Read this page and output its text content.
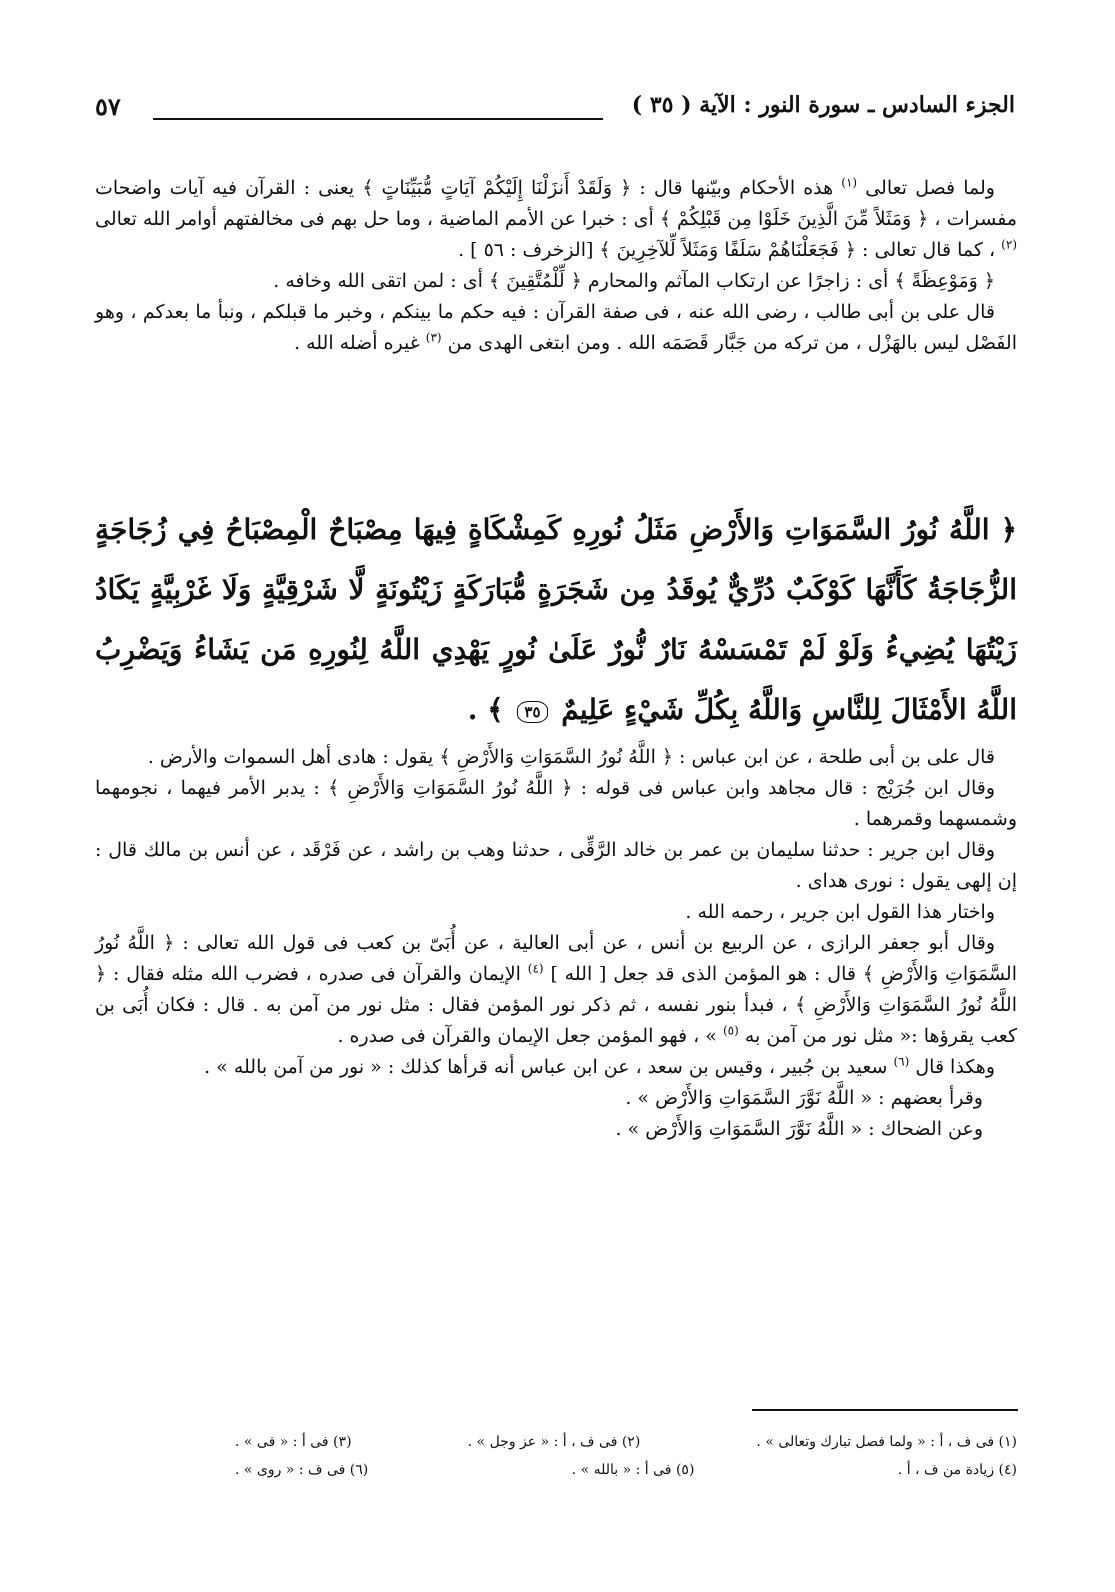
الجزء السادس ـ سورة النور : الآية ( ٣٥ )
٥٧

ولما فصل تعالى $^{(١)}$ هذه الأحكام وبيّنها قال : ﴿ وَلَقَدْ أَنزَلْنَا إِلَيْكُمْ آيَاتٍ مُّبَيِّنَاتٍ ﴾ يعنى : القرآن فيه آيات واضحات مفسرات ، ﴿ وَمَثَلاً مِّنَ الَّذِينَ خَلَوْا مِن قَبْلِكُمْ ﴾ أى : خبرا عن الأمم الماضية ، وما حل بهم فى مخالفتهم أوامر الله تعالى $^{(٢)}$ ، كما قال تعالى : ﴿ فَجَعَلْنَاهُمْ سَلَفًا وَمَثَلاً لِّلآخِرِينَ ﴾ [الزخرف : ٥٦ ] .

﴿ وَمَوْعِظَةً ﴾ أى : زاجرًا عن ارتكاب المآثم والمحارم ﴿ لِّلْمُتَّقِينَ ﴾ أى : لمن اتقى الله وخافه .

قال على بن أبى طالب ، رضى الله عنه ، فى صفة القرآن : فيه حكم ما بينكم ، وخبر ما قبلكم ، ونبأ ما بعدكم ، وهو الفَصْل ليس بالهَزْل ، من تركه من جَبَّار قَصَمَه الله . ومن ابتغى الهدى من $^{(٣)}$ غيره أضله الله .

﴿ اللَّهُ نُورُ السَّمَوَاتِ وَالأَرْضِ مَثَلُ نُورِهِ كَمِشْكَاةٍ فِيهَا مِصْبَاحٌ الْمِصْبَاحُ فِي زُجَاجَةٍ الزُّجَاجَةُ كَأَنَّهَا كَوْكَبٌ دُرِّيٌّ يُوقَدُ مِن شَجَرَةٍ مُّبَارَكَةٍ زَيْتُونَةٍ لَّا شَرْقِيَّةٍ وَلَا غَرْبِيَّةٍ يَكَادُ زَيْتُهَا يُضِيءُ وَلَوْ لَمْ تَمْسَسْهُ نَارٌ نُّورٌ عَلَىٰ نُورٍ يَهْدِي اللَّهُ لِنُورِهِ مَن يَشَاءُ وَيَضْرِبُ اللَّهُ الأَمْثَالَ لِلنَّاسِ وَاللَّهُ بِكُلِّ شَيْءٍ عَلِيمٌ ٣٥ ﴾ .

قال على بن أبى طلحة ، عن ابن عباس : ﴿ اللَّهُ نُورُ السَّمَوَاتِ وَالأَرْضِ ﴾ يقول : هادى أهل السموات والأرض .

وقال ابن جُرَيْج : قال مجاهد وابن عباس فى قوله : ﴿ اللَّهُ نُورُ السَّمَوَاتِ وَالأَرْضِ ﴾ : يدبر الأمر فيهما ، نجومهما وشمسهما وقمرهما .

وقال ابن جرير : حدثنا سليمان بن عمر بن خالد الرَّقِّى ، حدثنا وهب بن راشد ، عن فَرْقَد ، عن أنس بن مالك قال : إن إلهى يقول : نورى هداى .

واختار هذا القول ابن جرير ، رحمه الله .

وقال أبو جعفر الرازى ، عن الربيع بن أنس ، عن أبى العالية ، عن أُبَىّ بن كعب فى قول الله تعالى : ﴿ اللَّهُ نُورُ السَّمَوَاتِ وَالأَرْضِ ﴾ قال : هو المؤمن الذى قد جعل [ الله ] $^{(٤)}$ الإيمان والقرآن فى صدره ، فضرب الله مثله فقال : ﴿ اللَّهُ نُورُ السَّمَوَاتِ وَالأَرْضِ ﴾ ، فبدأ بنور نفسه ، ثم ذكر نور المؤمن فقال : مثل نور من آمن به . قال : فكان أُبَى بن كعب يقرؤها :« مثل نور من آمن به $^{(٥)}$ » ، فهو المؤمن جعل الإيمان والقرآن فى صدره .

وهكذا قال $^{(٦)}$ سعيد بن جُبير ، وقيس بن سعد ، عن ابن عباس أنه قرأها كذلك : « نور من آمن بالله » .

وقرأ بعضهم : « اللَّهُ نَوَّرَ السَّمَوَاتِ وَالأَرْض » .

وعن الضحاك : « اللَّهُ نَوَّرَ السَّمَوَاتِ وَالأَرْض » .

(١) فى ف ، أ : « ولما فصل تبارك وتعالى » .
(٢) فى ف ، أ : « عز وجل » .
(٣) فى أ : « فى » .
(٤) زيادة من ف ، أ .
(٥) فى أ : « بالله » .
(٦) فى ف : « روى » .
